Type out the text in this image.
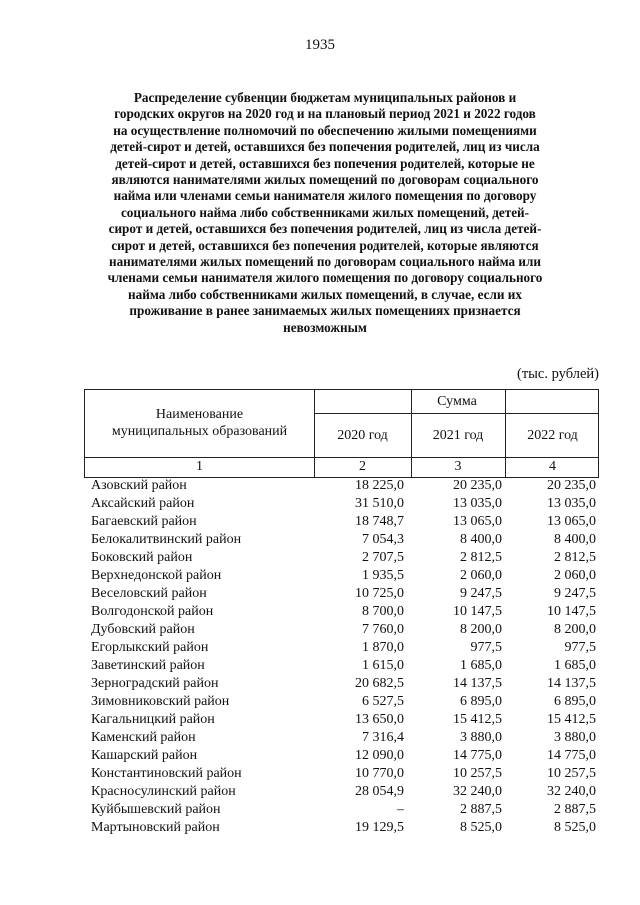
1935
Распределение субвенции бюджетам муниципальных районов и
городских округов на 2020 год и на плановый период 2021 и 2022 годов
на осуществление полномочий по обеспечению жилыми помещениями
детей-сирот и детей, оставшихся без попечения родителей, лиц из числа
детей-сирот и детей, оставшихся без попечения родителей, которые не
являются нанимателями жилых помещений по договорам социального
найма или членами семьи нанимателя жилого помещения по договору
социального найма либо собственниками жилых помещений, детей-
сирот и детей, оставшихся без попечения родителей, лиц из числа детей-
сирот и детей, оставшихся без попечения родителей, которые являются
нанимателями жилых помещений по договорам социального найма или
членами семьи нанимателя жилого помещения по договору социального
найма либо собственниками жилых помещений, в случае, если их
проживание в ранее занимаемых жилых помещениях признается
невозможным
(тыс. рублей)
Наименование
муниципальных образований
Сумма
2020 год	2021 год	2022 год
1	2	3	4
Азовский район	18 225,0	20 235,0	20 235,0
Аксайский район	31 510,0	13 035,0	13 035,0
Багаевский район	18 748,7	13 065,0	13 065,0
Белокалитвинский район	7 054,3	8 400,0	8 400,0
Боковский район	2 707,5	2 812,5	2 812,5
Верхнедонской район	1 935,5	2 060,0	2 060,0
Веселовский район	10 725,0	9 247,5	9 247,5
Волгодонской район	8 700,0	10 147,5	10 147,5
Дубовский район	7 760,0	8 200,0	8 200,0
Егорлыкский район	1 870,0	977,5	977,5
Заветинский район	1 615,0	1 685,0	1 685,0
Зерноградский район	20 682,5	14 137,5	14 137,5
Зимовниковский район	6 527,5	6 895,0	6 895,0
Кагальницкий район	13 650,0	15 412,5	15 412,5
Каменский район	7 316,4	3 880,0	3 880,0
Кашарский район	12 090,0	14 775,0	14 775,0
Константиновский район	10 770,0	10 257,5	10 257,5
Красносулинский район	28 054,9	32 240,0	32 240,0
Куйбышевский район	–	2 887,5	2 887,5
Мартыновский район	19 129,5	8 525,0	8 525,0
